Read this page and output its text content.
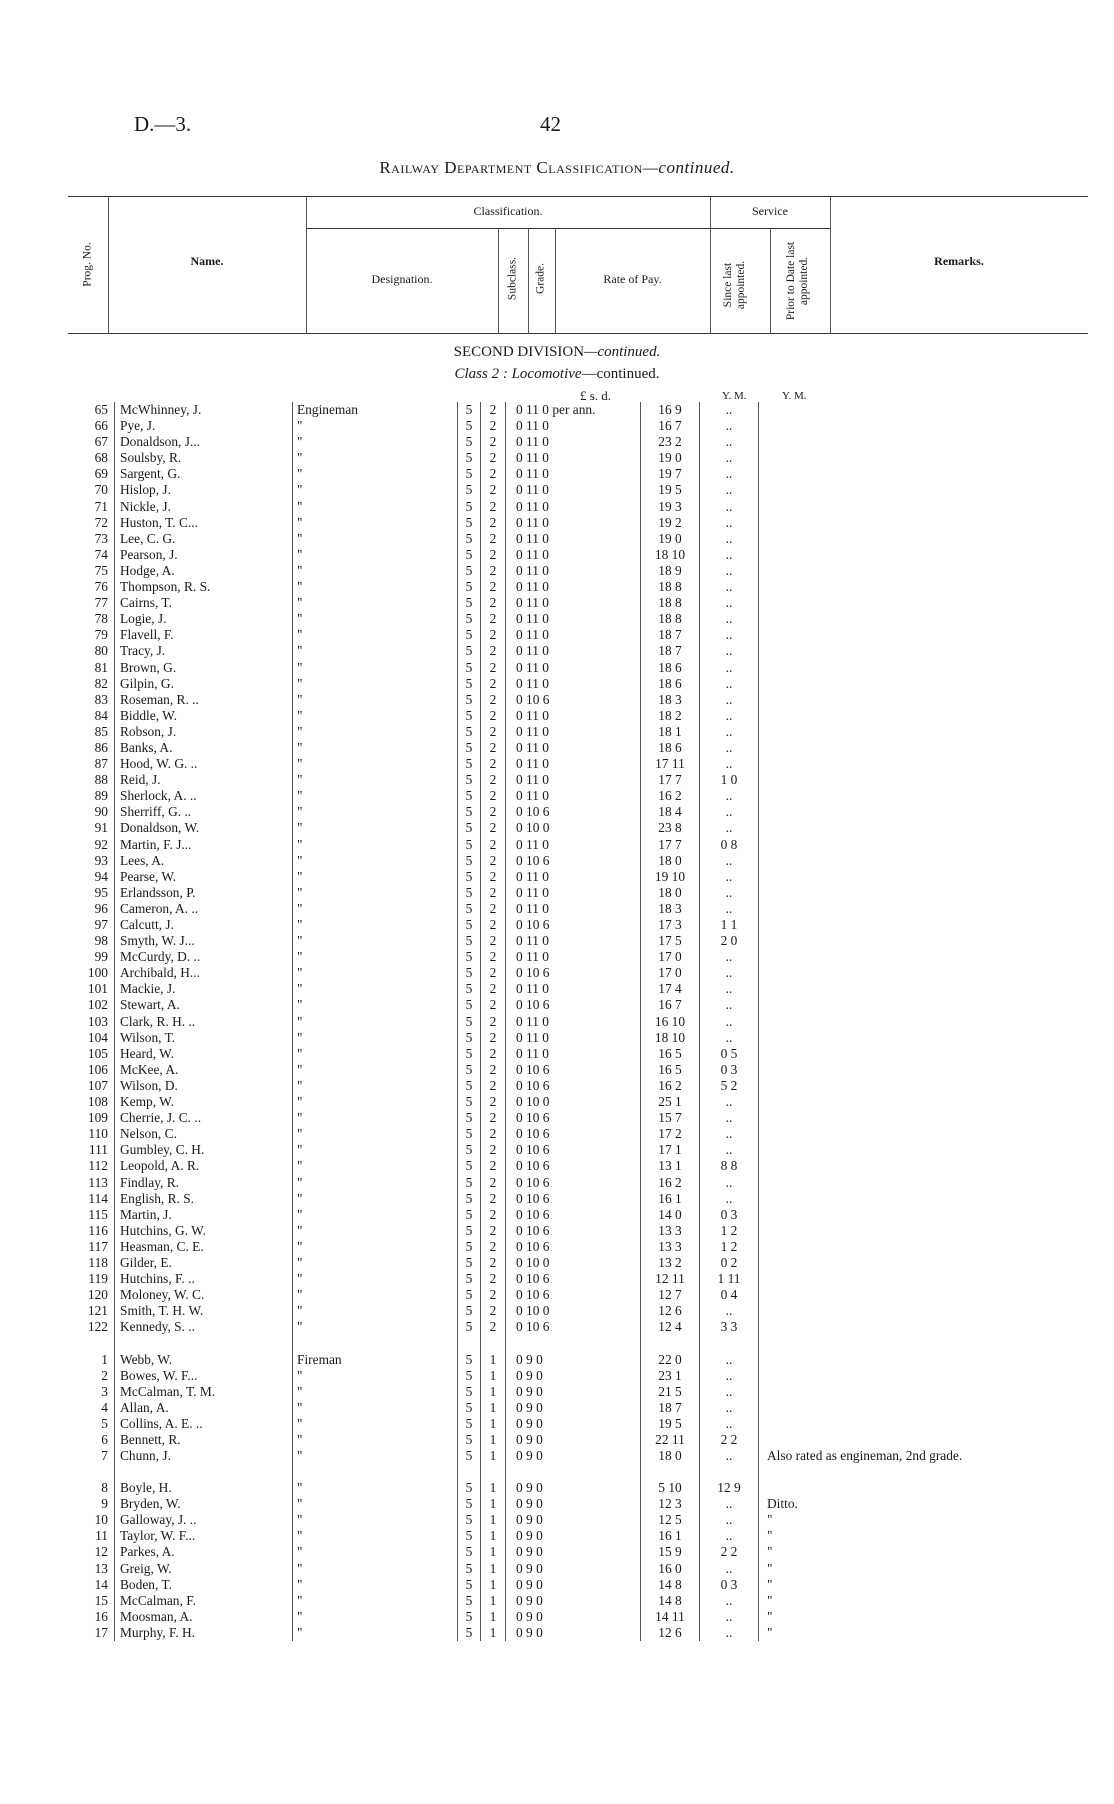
D.—3.	42
Railway Department Classification—continued.
Prog. No.	Name.
Classification.
Designation.	Subclass. Grade.	Rate of Pay.
Service
Since last appointed.	Prior to Date last appointed.	Remarks.
SECOND DIVISION—continued.
Class 2 : Locomotive—continued.
£ s. d.	Y. M.	Y. M.
65	McWhinney, J.	Engineman	5	2	0 11 0 per ann.	16 9	..	
66	Pye, J.	"	5	2	0 11 0	16 7	..	
67	Donaldson, J...	"	5	2	0 11 0	23 2	..	
68	Soulsby, R.	"	5	2	0 11 0	19 0	..	
69	Sargent, G.	"	5	2	0 11 0	19 7	..	
70	Hislop, J.	"	5	2	0 11 0	19 5	..	
71	Nickle, J.	"	5	2	0 11 0	19 3	..	
72	Huston, T. C...	"	5	2	0 11 0	19 2	..	
73	Lee, C. G.	"	5	2	0 11 0	19 0	..	
74	Pearson, J.	"	5	2	0 11 0	18 10	..	
75	Hodge, A.	"	5	2	0 11 0	18 9	..	
76	Thompson, R. S.	"	5	2	0 11 0	18 8	..	
77	Cairns, T.	"	5	2	0 11 0	18 8	..	
78	Logie, J.	"	5	2	0 11 0	18 8	..	
79	Flavell, F.	"	5	2	0 11 0	18 7	..	
80	Tracy, J.	"	5	2	0 11 0	18 7	..	
81	Brown, G.	"	5	2	0 11 0	18 6	..	
82	Gilpin, G.	"	5	2	0 11 0	18 6	..	
83	Roseman, R. ..	"	5	2	0 10 6	18 3	..	
84	Biddle, W.	"	5	2	0 11 0	18 2	..	
85	Robson, J.	"	5	2	0 11 0	18 1	..	
86	Banks, A.	"	5	2	0 11 0	18 6	..	
87	Hood, W. G. ..	"	5	2	0 11 0	17 11	..	
88	Reid, J.	"	5	2	0 11 0	17 7	1 0	
89	Sherlock, A. ..	"	5	2	0 11 0	16 2	..	
90	Sherriff, G. ..	"	5	2	0 10 6	18 4	..	
91	Donaldson, W.	"	5	2	0 10 0	23 8	..	
92	Martin, F. J...	"	5	2	0 11 0	17 7	0 8	
93	Lees, A.	"	5	2	0 10 6	18 0	..	
94	Pearse, W.	"	5	2	0 11 0	19 10	..	
95	Erlandsson, P.	"	5	2	0 11 0	18 0	..	
96	Cameron, A. ..	"	5	2	0 11 0	18 3	..	
97	Calcutt, J.	"	5	2	0 10 6	17 3	1 1	
98	Smyth, W. J...	"	5	2	0 11 0	17 5	2 0	
99	McCurdy, D. ..	"	5	2	0 11 0	17 0	..	
100	Archibald, H...	"	5	2	0 10 6	17 0	..	
101	Mackie, J.	"	5	2	0 11 0	17 4	..	
102	Stewart, A.	"	5	2	0 10 6	16 7	..	
103	Clark, R. H. ..	"	5	2	0 11 0	16 10	..	
104	Wilson, T.	"	5	2	0 11 0	18 10	..	
105	Heard, W.	"	5	2	0 11 0	16 5	0 5	
106	McKee, A.	"	5	2	0 10 6	16 5	0 3	
107	Wilson, D.	"	5	2	0 10 6	16 2	5 2	
108	Kemp, W.	"	5	2	0 10 0	25 1	..	
109	Cherrie, J. C. ..	"	5	2	0 10 6	15 7	..	
110	Nelson, C.	"	5	2	0 10 6	17 2	..	
111	Gumbley, C. H.	"	5	2	0 10 6	17 1	..	
112	Leopold, A. R.	"	5	2	0 10 6	13 1	8 8	
113	Findlay, R.	"	5	2	0 10 6	16 2	..	
114	English, R. S.	"	5	2	0 10 6	16 1	..	
115	Martin, J.	"	5	2	0 10 6	14 0	0 3	
116	Hutchins, G. W.	"	5	2	0 10 6	13 3	1 2	
117	Heasman, C. E.	"	5	2	0 10 6	13 3	1 2	
118	Gilder, E.	"	5	2	0 10 0	13 2	0 2	
119	Hutchins, F. ..	"	5	2	0 10 6	12 11	1 11	
120	Moloney, W. C.	"	5	2	0 10 6	12 7	0 4	
121	Smith, T. H. W.	"	5	2	0 10 0	12 6	..	
122	Kennedy, S. ..	"	5	2	0 10 6	12 4	3 3	

1	Webb, W.	Fireman	5	1	0 9 0	22 0	..	
2	Bowes, W. F...	"	5	1	0 9 0	23 1	..	
3	McCalman, T. M.	"	5	1	0 9 0	21 5	..	
4	Allan, A.	"	5	1	0 9 0	18 7	..	
5	Collins, A. E. ..	"	5	1	0 9 0	19 5	..	
6	Bennett, R.	"	5	1	0 9 0	22 11	2 2	
7	Chunn, J.	"	5	1	0 9 0	18 0	..	Also rated as engineman, 2nd grade.
8	Boyle, H.	"	5	1	0 9 0	5 10	12 9	
9	Bryden, W.	"	5	1	0 9 0	12 3	..	Ditto.
10	Galloway, J. ..	"	5	1	0 9 0	12 5	..	"
11	Taylor, W. F...	"	5	1	0 9 0	16 1	..	"
12	Parkes, A.	"	5	1	0 9 0	15 9	2 2	"
13	Greig, W.	"	5	1	0 9 0	16 0	..	"
14	Boden, T.	"	5	1	0 9 0	14 8	0 3	"
15	McCalman, F.	"	5	1	0 9 0	14 8	..	"
16	Moosman, A.	"	5	1	0 9 0	14 11	..	"
17	Murphy, F. H.	"	5	1	0 9 0	12 6	..	"
